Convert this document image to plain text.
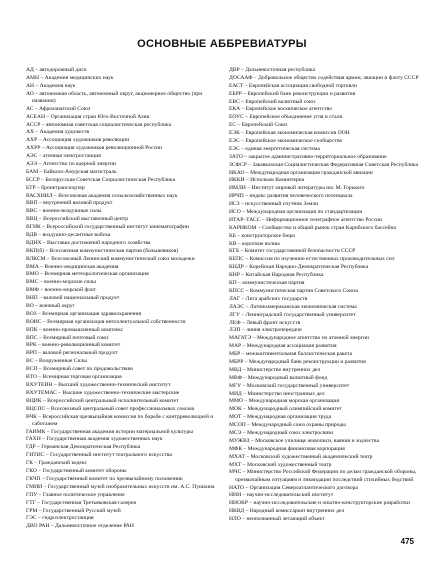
ОСНОВНЫЕ АББРЕВИАТУРЫ
АД – автодорожный диск
АМН – Академия медицинских наук
АН – Академия наук
АО – автономная область, автономный округ, акционерное общество (при названии)
АС – Афроазиатский Союз
АСЕАН – Организация стран Юго-Восточной Азии
АССР – автономная советская социалистическая республика
АХ – Академия художеств
АХР – Ассоциация художников революции
АХРР – Ассоциация художников революционной России
АЭС – атомная электростанция
АЭЭ – Агентство по ядерной энергии
БАМ – Байкало-Амурская магистраль
БССР – Белорусская Советская Социалистическая Республика
БТР – бронетранспортер
ВАСХНИЛ – Всесоюзная академия сельскохозяйственных наук
ВВП – внутренний валовой продукт
ВВС – военно-воздушные силы
ВВЦ – Всероссийский выставочный центр
ВГИК – Всероссийский государственный институт кинематографии
ВДВ – воздушно-десантные войска
ВДНХ – Выставка достижений народного хозяйства
ВКП(б) – Всесоюзная коммунистическая партия (большевиков)
ВЛКСМ – Всесоюзный Ленинский коммунистический союз молодежи
ВМА – Военно-медицинская академия
ВМО – Всемирная метеорологическая организация
ВМС – военно-морские силы
ВМФ – военно-морской флот
ВНП – валовой национальный продукт
ВО – военный округ
ВОЗ – Всемирная организация здравоохранения
ВОИС – Всемирная организация интеллектуальной собственности
ВПК – военно-промышленный комплекс
ВПС – Всемирный почтовый союз
ВРК – военно-революционный комитет
ВРП – валовой региональный продукт
ВС – Вооруженные Силы
ВСП – Всемирный совет по продовольствию
ВТО – Всемирная торговая организация
ВХУТЕИН – Высший художественно-технический институт
ВХУТЕМАС – Высшие художественно-технические мастерские
ВЦИК – Всероссийский центральный исполнительный комитет
ВЦСПС – Всесоюзный центральный совет профессиональных союзов
ВЧК – Всероссийская чрезвычайная комиссия по борьбе с контрреволюцией и саботажем
ГАИМК – Государственная академия истории материальной культуры
ГАХН – Государственная академия художественных наук
ГДР – Германская Демократическая Республика
ГИТИС – Государственный институт театрального искусства
ГК – Гражданский кодекс
ГКО – Государственный комитет обороны
ГКЧП – Государственный комитет по чрезвычайному положению
ГМИИ – Государственный музей изобразительных искусств им. А.С. Пушкина
ГПУ – Главное политическое управление
ГТГ – Государственная Третьяковская галерея
ГРМ – Государственный Русский музей
ГЭС – гидроэлектростанция
ДВО РАН – Дальневосточное отделение РАН
ДВР – Дальневосточная республика
ДОСААФ – Добровольное общество содействия армии, авиации и флоту СССР
ЕАСТ – Европейская ассоциация свободной торговли
ЕБРР – Европейский банк реконструкции и развития
ЕВС – Европейский валютный союз
ЕКА – Европейское космическое агентство
ЕОУС – Европейское объединение угля и стали
ЕС – Европейский Союз
ЕЭК – Европейская экономическая комиссия ООН
ЕЭС – Европейское экономическое сообщество
ЕЭС – единая энергетическая система
ЗАТО – закрытое административно-территориальное образование
ЗСФСР – Закавказская Социалистическая Федеративная Советская Республика
ИКАО – Международная организация гражданской авиации
ИККИ – Исполком Коминтерна
ИМЛИ – Институт мировой литературы им. М. Горького
ИРЧП – индекс развития человеческого потенциала
ИСЗ – искусственный спутник Земли
ИСО – Международная организация по стандартизации
ИТАР–ТАСС – Информационное телеграфное агентство России
КАРИКОМ – Сообщество и общий рынок стран Карибского бассейна
КБ – конструкторское бюро
КВ – короткие волны
КГБ – Комитет государственной безопасности СССР
КЕПС – Комиссия по изучению естественных производительных сил
КНДР – Корейская Народно-Демократическая Республика
КНР – Китайская Народная Республика
КП – коммунистическая партия
КПСС – Коммунистическая партия Советского Союза
ЛАГ – Лига арабских государств
ЛАЭС – Латиноамериканская экономическая система
ЛГУ – Ленинградский государственный университет
ЛЕФ – Левый фронт искусств
ЛЭП – линия электропередачи
МАГАТЭ – Международное агентство по атомной энергии
МАР – Международная ассоциация развития
МБР – межконтинентальная баллистическая ракета
МБРР – Международный банк реконструкции и развития
МВД – Министерство внутренних дел
МВФ – Международный валютный фонд
МГУ – Московский государственный университет
МИД – Министерство иностранных дел
ММО – Международная морская организация
МОК – Международный олимпийский комитет
МОТ – Международная организация труда
МСОП – Международный союз охраны природы
МСЭ – Международный союз электросвязи
МУЖВЗ – Московское училище живописи, ваяния и зодчества
МФК – Международная финансовая корпорация
МХАТ – Московский художественный академический театр
МХТ – Московский художественный театр
МЧС – Министерство Российской Федерации по делам гражданской обороны, чрезвычайным ситуациям и ликвидации последствий стихийных бедствий
НАТО – Организация Североатлантического договора
НИИ – научно-исследовательский институт
НИОКР – научно-исследовательские и опытно-конструкторские разработки
НКВД – Народный комиссариат внутренних дел
НЛО – неопознанный летающий объект
475
